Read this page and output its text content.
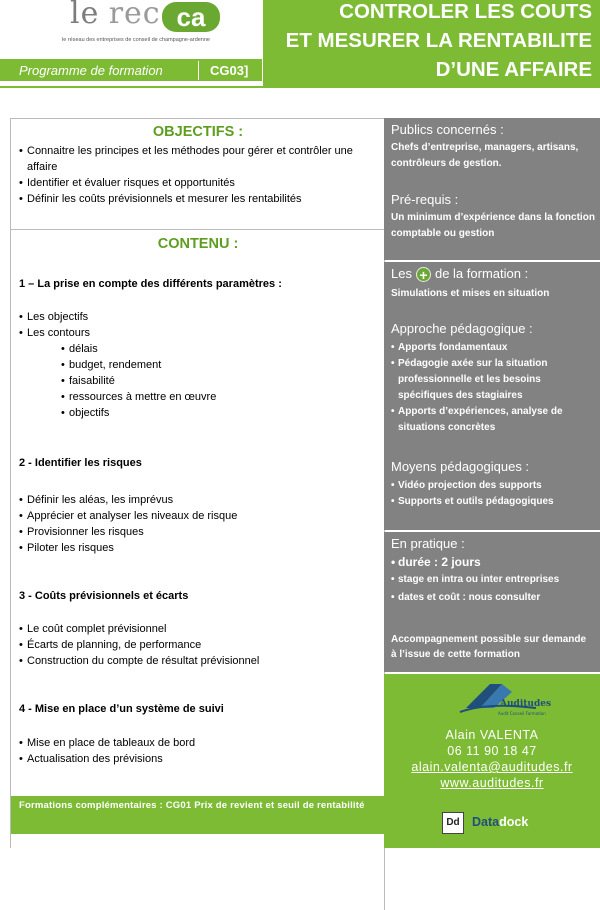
le rec ca
le réseau des entreprises de conseil de champagne-ardenne
Programme de formation	CG03]
CONTROLER LES COUTS
ET MESURER LA RENTABILITE
D’UNE AFFAIRE
OBJECTIFS :
• Connaitre les principes et les méthodes pour gérer et contrôler une affaire
• Identifier et évaluer risques et opportunités
• Définir les coûts prévisionnels et mesurer les rentabilités
CONTENU :
1 – La prise en compte des différents paramètres :
• Les objectifs
• Les contours
• délais
• budget, rendement
• faisabilité
• ressources à mettre en œuvre
• objectifs
2 - Identifier les risques
• Définir les aléas, les imprévus
• Apprécier et analyser les niveaux de risque
• Provisionner les risques
• Piloter les risques
3 - Coûts prévisionnels et écarts
• Le coût complet prévisionnel
• Écarts de planning, de performance
• Construction du compte de résultat prévisionnel
4 - Mise en place d’un système de suivi
• Mise en place de tableaux de bord
• Actualisation des prévisions
Formations complémentaires : CG01 Prix de revient et seuil de rentabilité
Publics concernés :
Chefs d’entreprise, managers, artisans, contrôleurs de gestion.
Pré-requis :
Un minimum d’expérience dans la fonction comptable ou gestion
Les + de la formation :
Simulations et mises en situation
Approche pédagogique :
• Apports fondamentaux
• Pédagogie axée sur la situation professionnelle et les besoins spécifiques des stagiaires
• Apports d’expériences, analyse de situations concrètes
Moyens pédagogiques :
• Vidéo projection des supports
• Supports et outils pédagogiques
En pratique :
• durée : 2 jours
• stage en intra ou inter entreprises
• dates et coût : nous consulter
Accompagnement possible sur demande à l’issue de cette formation
Auditudes
Audit Conseil Formation
Alain VALENTA
06 11 90 18 47
alain.valenta@auditudes.fr
www.auditudes.fr
Dd Datadock
